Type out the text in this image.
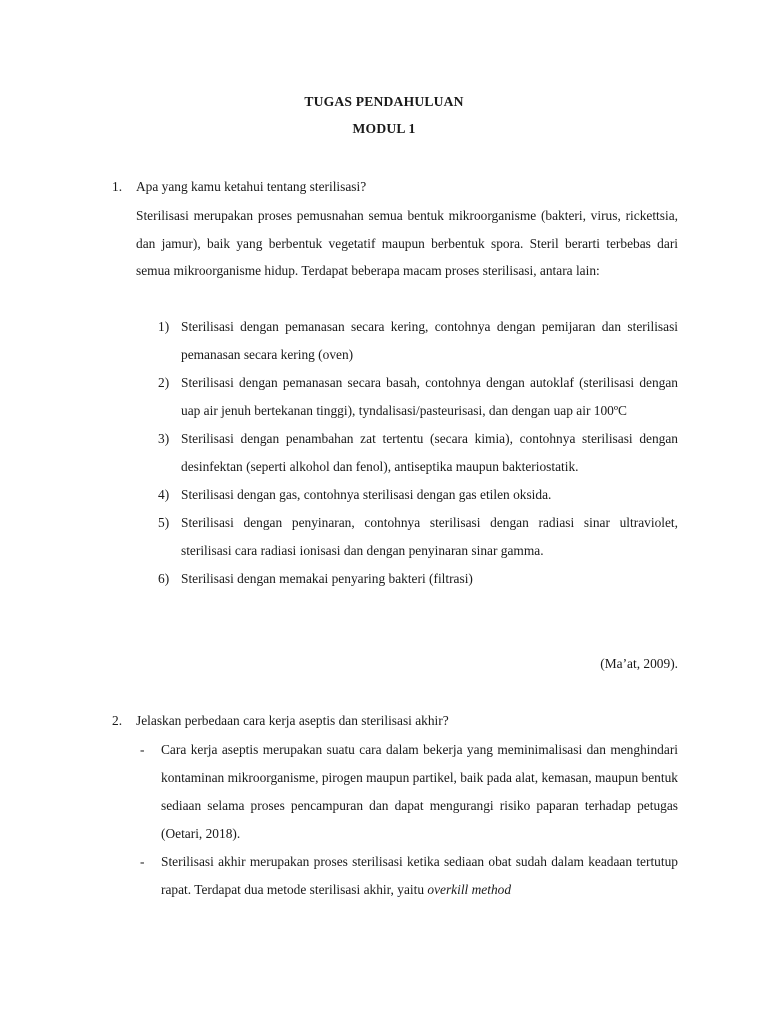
TUGAS PENDAHULUAN
MODUL 1
1. Apa yang kamu ketahui tentang sterilisasi?
Sterilisasi merupakan proses pemusnahan semua bentuk mikroorganisme (bakteri, virus, rickettsia, dan jamur), baik yang berbentuk vegetatif maupun berbentuk spora. Steril berarti terbebas dari semua mikroorganisme hidup. Terdapat beberapa macam proses sterilisasi, antara lain:
1) Sterilisasi dengan pemanasan secara kering, contohnya dengan pemijaran dan sterilisasi pemanasan secara kering (oven)
2) Sterilisasi dengan pemanasan secara basah, contohnya dengan autoklaf (sterilisasi dengan uap air jenuh bertekanan tinggi), tyndalisasi/pasteurisasi, dan dengan uap air 100ºC
3) Sterilisasi dengan penambahan zat tertentu (secara kimia), contohnya sterilisasi dengan desinfektan (seperti alkohol dan fenol), antiseptika maupun bakteriostatik.
4) Sterilisasi dengan gas, contohnya sterilisasi dengan gas etilen oksida.
5) Sterilisasi dengan penyinaran, contohnya sterilisasi dengan radiasi sinar ultraviolet, sterilisasi cara radiasi ionisasi dan dengan penyinaran sinar gamma.
6) Sterilisasi dengan memakai penyaring bakteri (filtrasi)
(Ma’at, 2009).
2. Jelaskan perbedaan cara kerja aseptis dan sterilisasi akhir?
- Cara kerja aseptis merupakan suatu cara dalam bekerja yang meminimalisasi dan menghindari kontaminan mikroorganisme, pirogen maupun partikel, baik pada alat, kemasan, maupun bentuk sediaan selama proses pencampuran dan dapat mengurangi risiko paparan terhadap petugas (Oetari, 2018).
- Sterilisasi akhir merupakan proses sterilisasi ketika sediaan obat sudah dalam keadaan tertutup rapat. Terdapat dua metode sterilisasi akhir, yaitu overkill method
